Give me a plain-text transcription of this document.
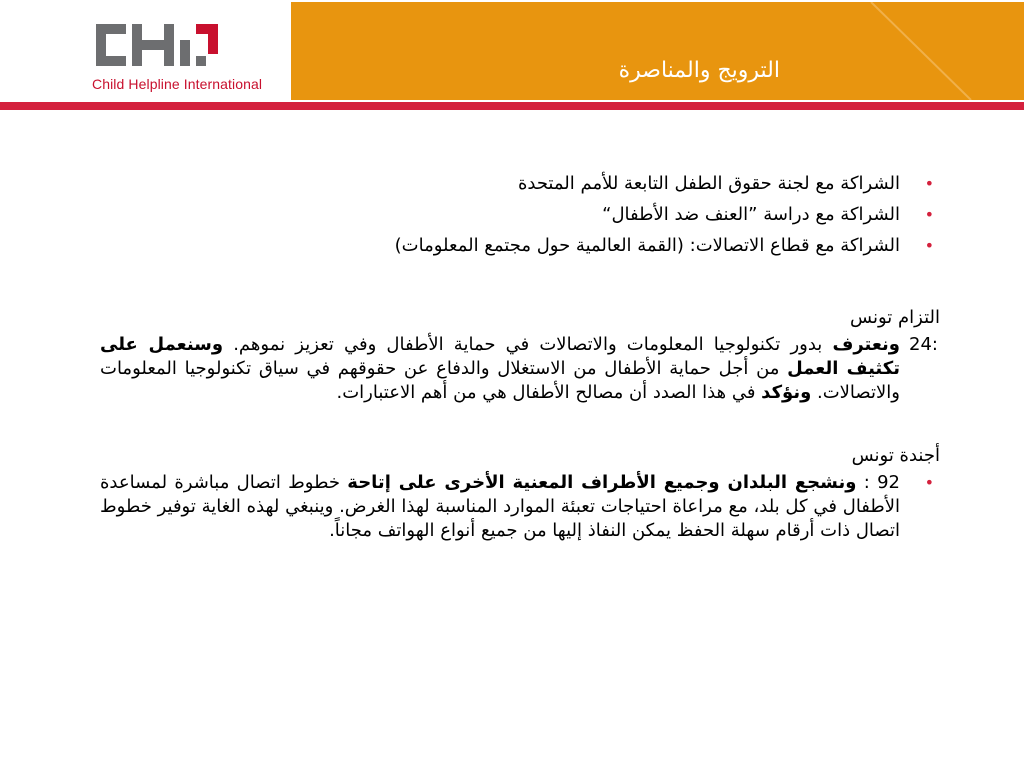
Child Helpline International
الترويج والمناصرة
•
الشراكة مع لجنة حقوق الطفل التابعة للأمم المتحدة
•
الشراكة مع دراسة ”العنف ضد الأطفال“
•
الشراكة مع قطاع الاتصالات: (القمة العالمية حول مجتمع المعلومات)
التزام تونس
24:
ونعترف بدور تكنولوجيا المعلومات والاتصالات في حماية الأطفال وفي تعزيز نموهم. وسنعمل على تكثيف العمل من أجل حماية الأطفال من الاستغلال والدفاع عن حقوقهم في سياق تكنولوجيا المعلومات والاتصالات. ونؤكد في هذا الصدد أن مصالح الأطفال هي من أهم الاعتبارات.
أجندة تونس
•
92 : ونشجع البلدان وجميع الأطراف المعنية الأخرى على إتاحة خطوط اتصال مباشرة لمساعدة الأطفال في كل بلد، مع مراعاة احتياجات تعبئة الموارد المناسبة لهذا الغرض. وينبغي لهذه الغاية توفير خطوط اتصال ذات أرقام سهلة الحفظ يمكن النفاذ إليها من جميع أنواع الهواتف مجاناً.
